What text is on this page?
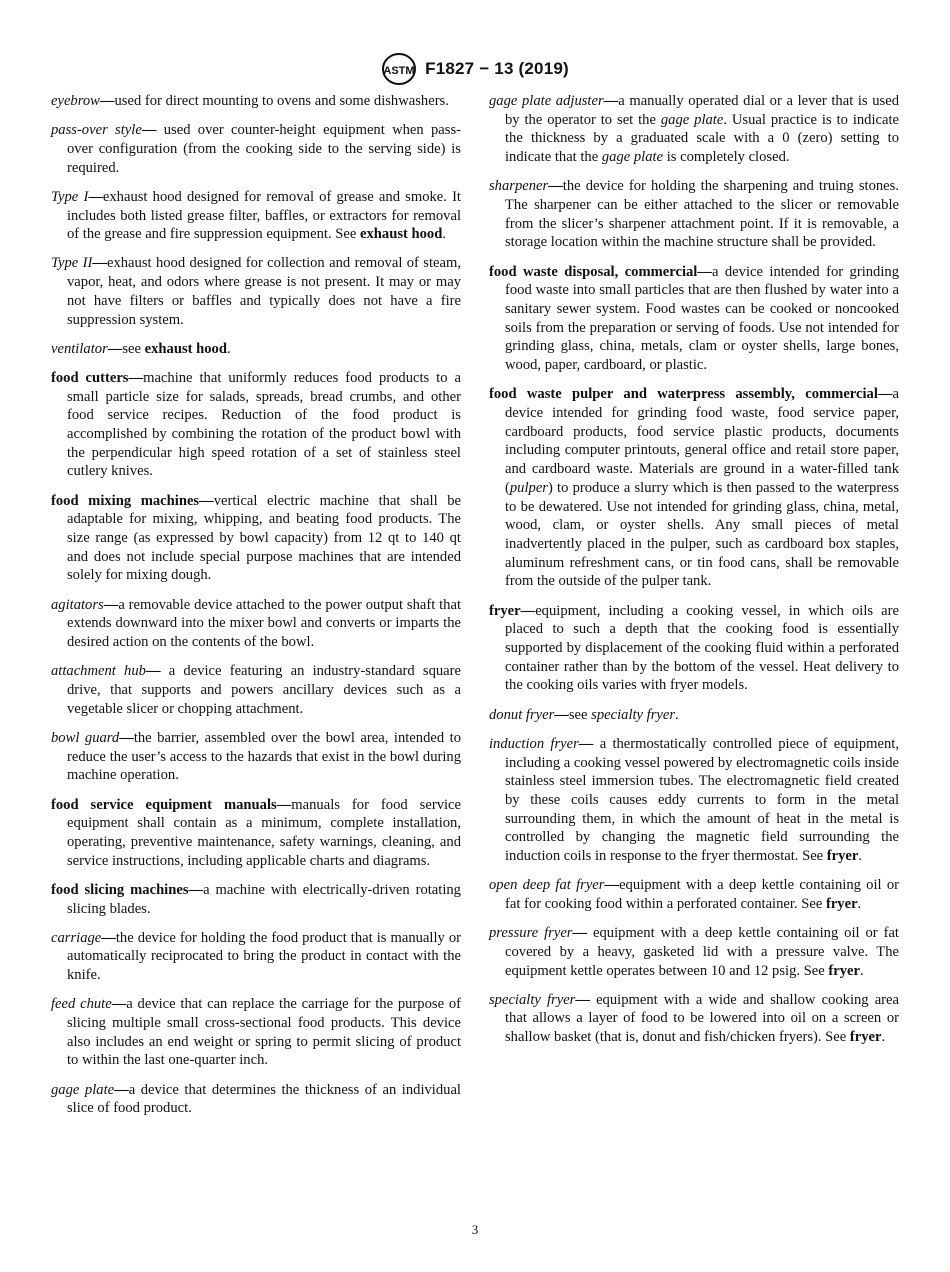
ASTM F1827 − 13 (2019)

eyebrow—used for direct mounting to ovens and some dishwashers.

pass-over style— used over counter-height equipment when pass-over configuration (from the cooking side to the serving side) is required.

Type I—exhaust hood designed for removal of grease and smoke. It includes both listed grease filter, baffles, or extractors for removal of the grease and fire suppression equipment. See exhaust hood.

Type II—exhaust hood designed for collection and removal of steam, vapor, heat, and odors where grease is not present. It may or may not have filters or baffles and typically does not have a fire suppression system.

ventilator—see exhaust hood.

food cutters—machine that uniformly reduces food products to a small particle size for salads, spreads, bread crumbs, and other food service recipes. Reduction of the food product is accomplished by combining the rotation of the product bowl with the perpendicular high speed rotation of a set of stainless steel cutlery knives.

food mixing machines—vertical electric machine that shall be adaptable for mixing, whipping, and beating food products. The size range (as expressed by bowl capacity) from 12 qt to 140 qt and does not include special purpose machines that are intended solely for mixing dough.

agitators—a removable device attached to the power output shaft that extends downward into the mixer bowl and converts or imparts the desired action on the contents of the bowl.

attachment hub— a device featuring an industry-standard square drive, that supports and powers ancillary devices such as a vegetable slicer or chopping attachment.

bowl guard—the barrier, assembled over the bowl area, intended to reduce the user’s access to the hazards that exist in the bowl during machine operation.

food service equipment manuals—manuals for food service equipment shall contain as a minimum, complete installation, operating, preventive maintenance, safety warnings, cleaning, and service instructions, including applicable charts and diagrams.

food slicing machines—a machine with electrically-driven rotating slicing blades.

carriage—the device for holding the food product that is manually or automatically reciprocated to bring the product in contact with the knife.

feed chute—a device that can replace the carriage for the purpose of slicing multiple small cross-sectional food products. This device also includes an end weight or spring to permit slicing of product to within the last one-quarter inch.

gage plate—a device that determines the thickness of an individual slice of food product.

gage plate adjuster—a manually operated dial or a lever that is used by the operator to set the gage plate. Usual practice is to indicate the thickness by a graduated scale with a 0 (zero) setting to indicate that the gage plate is completely closed.

sharpener—the device for holding the sharpening and truing stones. The sharpener can be either attached to the slicer or removable from the slicer’s sharpener attachment point. If it is removable, a storage location within the machine structure shall be provided.

food waste disposal, commercial—a device intended for grinding food waste into small particles that are then flushed by water into a sanitary sewer system. Food wastes can be cooked or noncooked soils from the preparation or serving of foods. Use not intended for grinding glass, china, metals, clam or oyster shells, large bones, wood, paper, cardboard, or plastic.

food waste pulper and waterpress assembly, commercial—a device intended for grinding food waste, food service paper, cardboard products, food service plastic products, documents including computer printouts, general office and retail store paper, and cardboard waste. Materials are ground in a water-filled tank (pulper) to produce a slurry which is then passed to the waterpress to be dewatered. Use not intended for grinding glass, china, metal, wood, clam, or oyster shells. Any small pieces of metal inadvertently placed in the pulper, such as cardboard box staples, aluminum refreshment cans, or tin food cans, shall be removable from the outside of the pulper tank.

fryer—equipment, including a cooking vessel, in which oils are placed to such a depth that the cooking food is essentially supported by displacement of the cooking fluid within a perforated container rather than by the bottom of the vessel. Heat delivery to the cooking oils varies with fryer models.

donut fryer—see specialty fryer.

induction fryer— a thermostatically controlled piece of equipment, including a cooking vessel powered by electromagnetic coils inside stainless steel immersion tubes. The electromagnetic field created by these coils causes eddy currents to form in the metal surrounding them, in which the amount of heat in the metal is controlled by changing the magnetic field surrounding the induction coils in response to the fryer thermostat. See fryer.

open deep fat fryer—equipment with a deep kettle containing oil or fat for cooking food within a perforated container. See fryer.

pressure fryer— equipment with a deep kettle containing oil or fat covered by a heavy, gasketed lid with a pressure valve. The equipment kettle operates between 10 and 12 psig. See fryer.

specialty fryer— equipment with a wide and shallow cooking area that allows a layer of food to be lowered into oil on a screen or shallow basket (that is, donut and fish/chicken fryers). See fryer.

3
